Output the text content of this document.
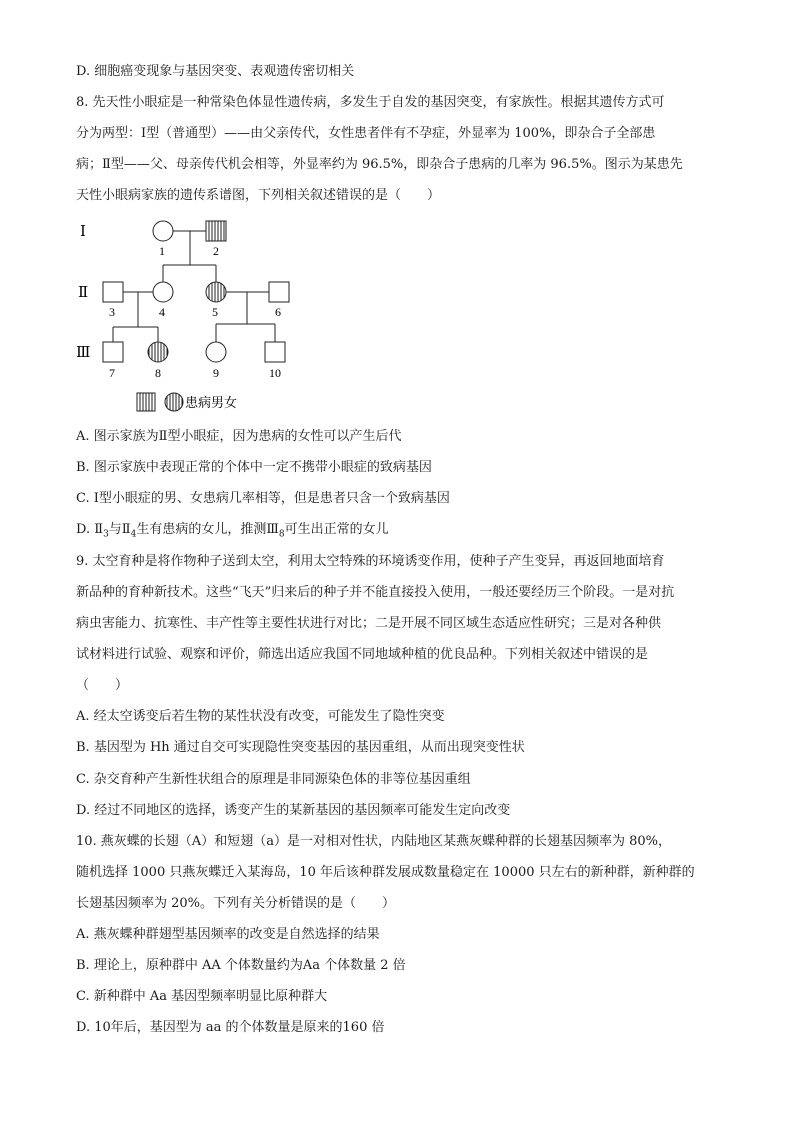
D. 细胞癌变现象与基因突变、表观遗传密切相关
8. 先天性小眼症是一种常染色体显性遗传病，多发生于自发的基因突变，有家族性。根据其遗传方式可
分为两型：Ⅰ型（普通型）——由父亲传代，女性患者伴有不孕症，外显率为 100%，即杂合子全部患
病；Ⅱ型——父、母亲传代机会相等，外显率约为 96.5%，即杂合子患病的几率为 96.5%。图示为某患先
天性小眼病家族的遗传系谱图，下列相关叙述错误的是（　　）
Ⅰ
Ⅱ
Ⅲ
1	2
3	4	5	6
7	8	9	10
患病男女
A. 图示家族为Ⅱ型小眼症，因为患病的女性可以产生后代
B. 图示家族中表现正常的个体中一定不携带小眼症的致病基因
C. Ⅰ型小眼症的男、女患病几率相等，但是患者只含一个致病基因
D. $Ⅱ_3$与$Ⅱ_4$生有患病的女儿，推测$Ⅲ_8$可生出正常的女儿
9. 太空育种是将作物种子送到太空，利用太空特殊的环境诱变作用，使种子产生变异，再返回地面培育
新品种的育种新技术。这些“飞天”归来后的种子并不能直接投入使用，一般还要经历三个阶段。一是对抗
病虫害能力、抗寒性、丰产性等主要性状进行对比；二是开展不同区域生态适应性研究；三是对各种供
试材料进行试验、观察和评价，筛选出适应我国不同地域种植的优良品种。下列相关叙述中错误的是
（　　）
A. 经太空诱变后若生物的某性状没有改变，可能发生了隐性突变
B. 基因型为 Hh 通过自交可实现隐性突变基因的基因重组，从而出现突变性状
C. 杂交育种产生新性状组合的原理是非同源染色体的非等位基因重组
D. 经过不同地区的选择，诱变产生的某新基因的基因频率可能发生定向改变
10. 燕灰蝶的长翅（A）和短翅（a）是一对相对性状，内陆地区某燕灰蝶种群的长翅基因频率为 80%，
随机选择 1000 只燕灰蝶迁入某海岛，10 年后该种群发展成数量稳定在 10000 只左右的新种群，新种群的
长翅基因频率为 20%。下列有关分析错误的是（　　）
A. 燕灰蝶种群翅型基因频率的改变是自然选择的结果
B. 理论上，原种群中 AA 个体数量约为Aa 个体数量 2 倍
C. 新种群中 Aa 基因型频率明显比原种群大
D. 10年后，基因型为 aa 的个体数量是原来的160 倍
